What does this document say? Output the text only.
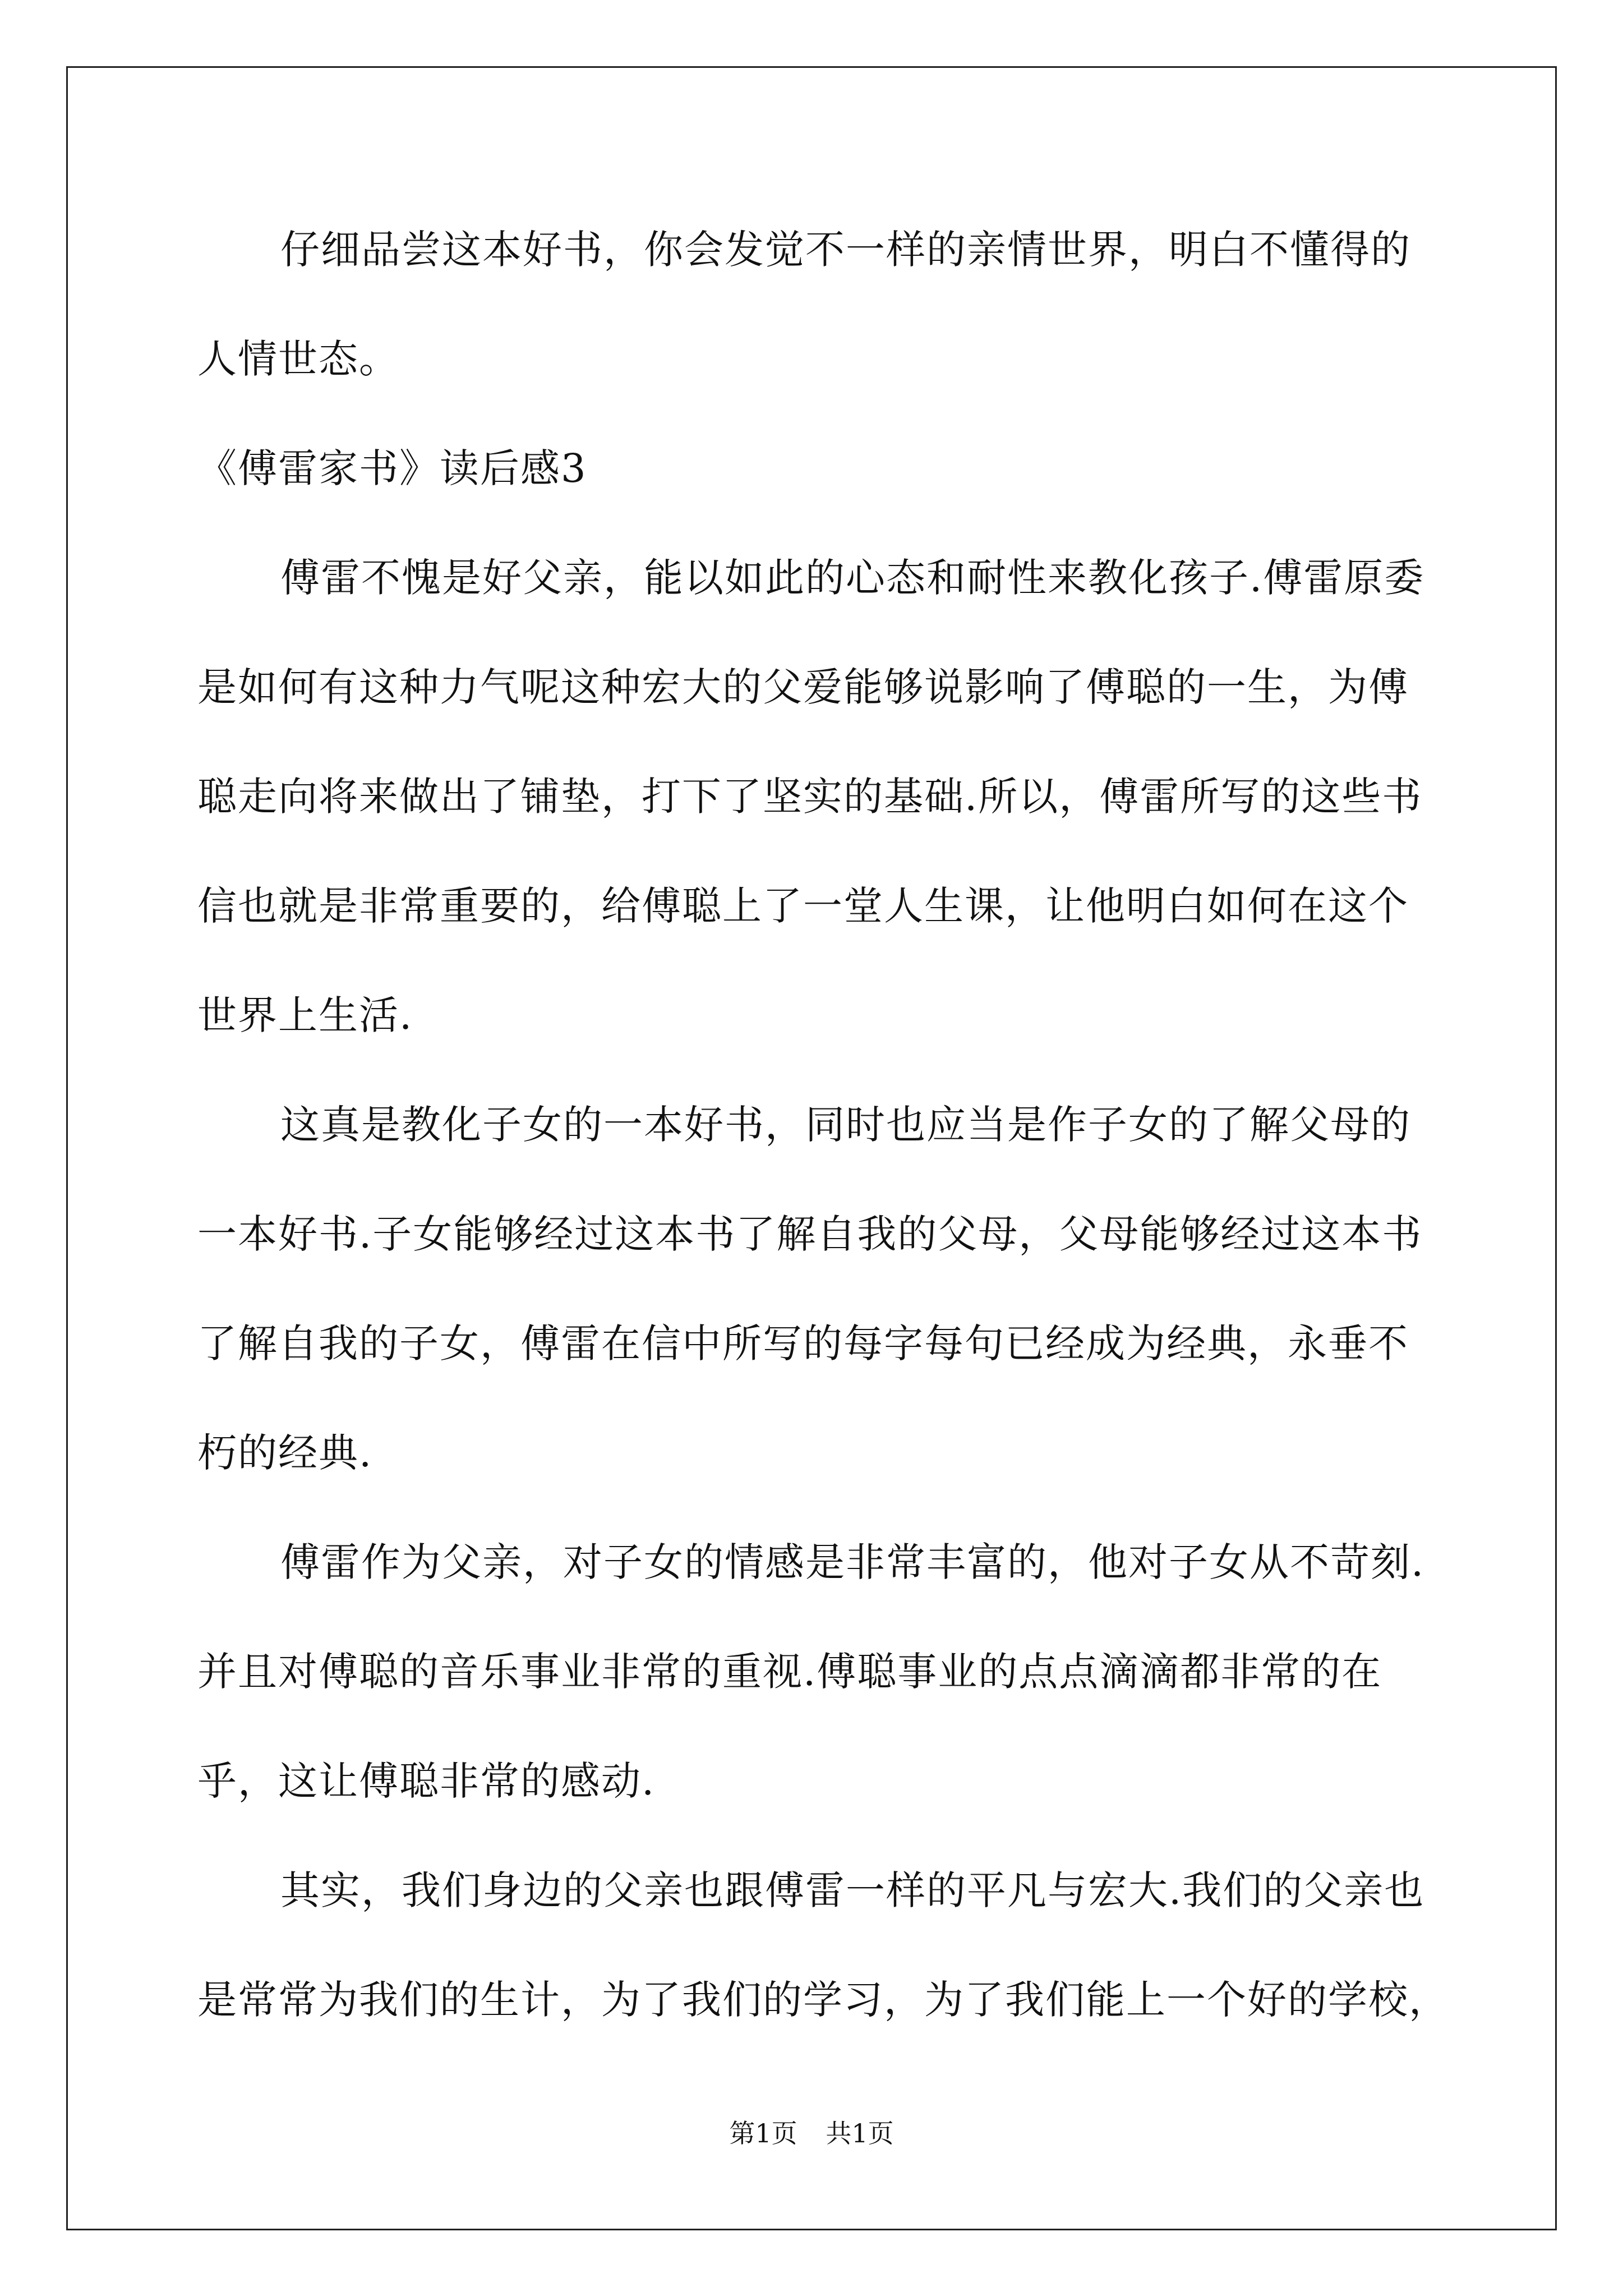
仔细品尝这本好书，你会发觉不一样的亲情世界，明白不懂得的
人情世态。
《傅雷家书》读后感3
傅雷不愧是好父亲，能以如此的心态和耐性来教化孩子.傅雷原委
是如何有这种力气呢这种宏大的父爱能够说影响了傅聪的一生，为傅
聪走向将来做出了铺垫，打下了坚实的基础.所以，傅雷所写的这些书
信也就是非常重要的，给傅聪上了一堂人生课，让他明白如何在这个
世界上生活.
这真是教化子女的一本好书，同时也应当是作子女的了解父母的
一本好书.子女能够经过这本书了解自我的父母，父母能够经过这本书
了解自我的子女，傅雷在信中所写的每字每句已经成为经典，永垂不
朽的经典.
傅雷作为父亲，对子女的情感是非常丰富的，他对子女从不苛刻.
并且对傅聪的音乐事业非常的重视.傅聪事业的点点滴滴都非常的在
乎，这让傅聪非常的感动.
其实，我们身边的父亲也跟傅雷一样的平凡与宏大.我们的父亲也
是常常为我们的生计，为了我们的学习，为了我们能上一个好的学校，
第1页 共1页
